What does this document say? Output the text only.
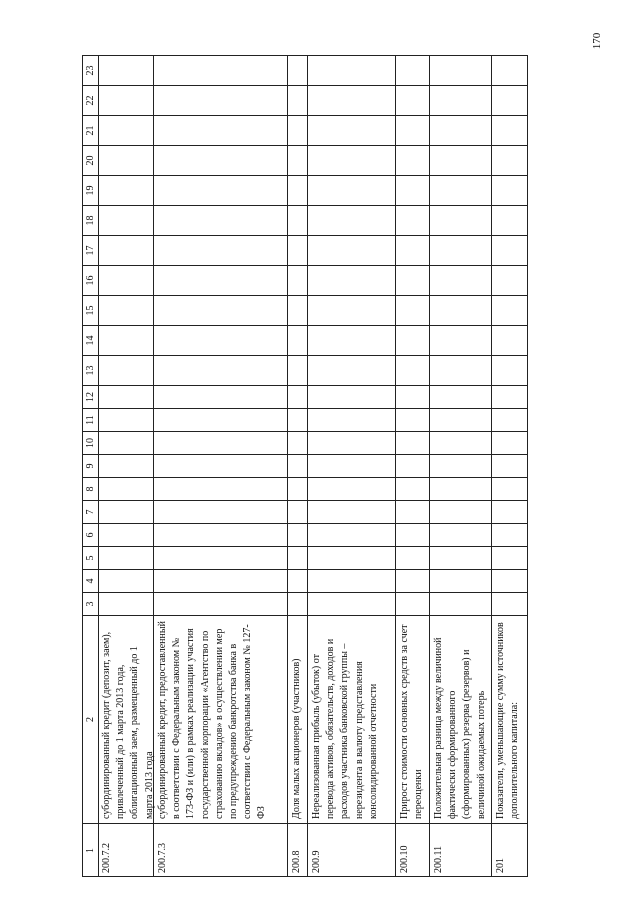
170
1
2
3
4
5
6
7
8
9
10
11
12
13
14
15
16
17
18
19
20
21
22
23
200.7.2
субординированный кредит (депозит, заем), привлеченный до 1 марта 2013 года, облигационный заем, размещенный до 1 марта 2013 года
200.7.3
субординированный кредит, предоставленный в соответствии с Федеральным законом № 173-ФЗ и (или) в рамках реализации участия государственной корпорации «Агентство по страхованию вкладов» в осуществлении мер по предупреждению банкротства банка в соответствии с Федеральным законом № 127-ФЗ
200.8
Доля малых акционеров (участников)
200.9
Нереализованная прибыль (убыток) от перевода активов, обязательств, доходов и расходов участника банковской группы – нерезидента в валюту представления консолидированной отчетности
200.10
Прирост стоимости основных средств за счет переоценки
200.11
Положительная разница между величиной фактически сформированного (сформированных) резерва (резервов) и величиной ожидаемых потерь
201
Показатели, уменьшающие сумму источников дополнительного капитала:
